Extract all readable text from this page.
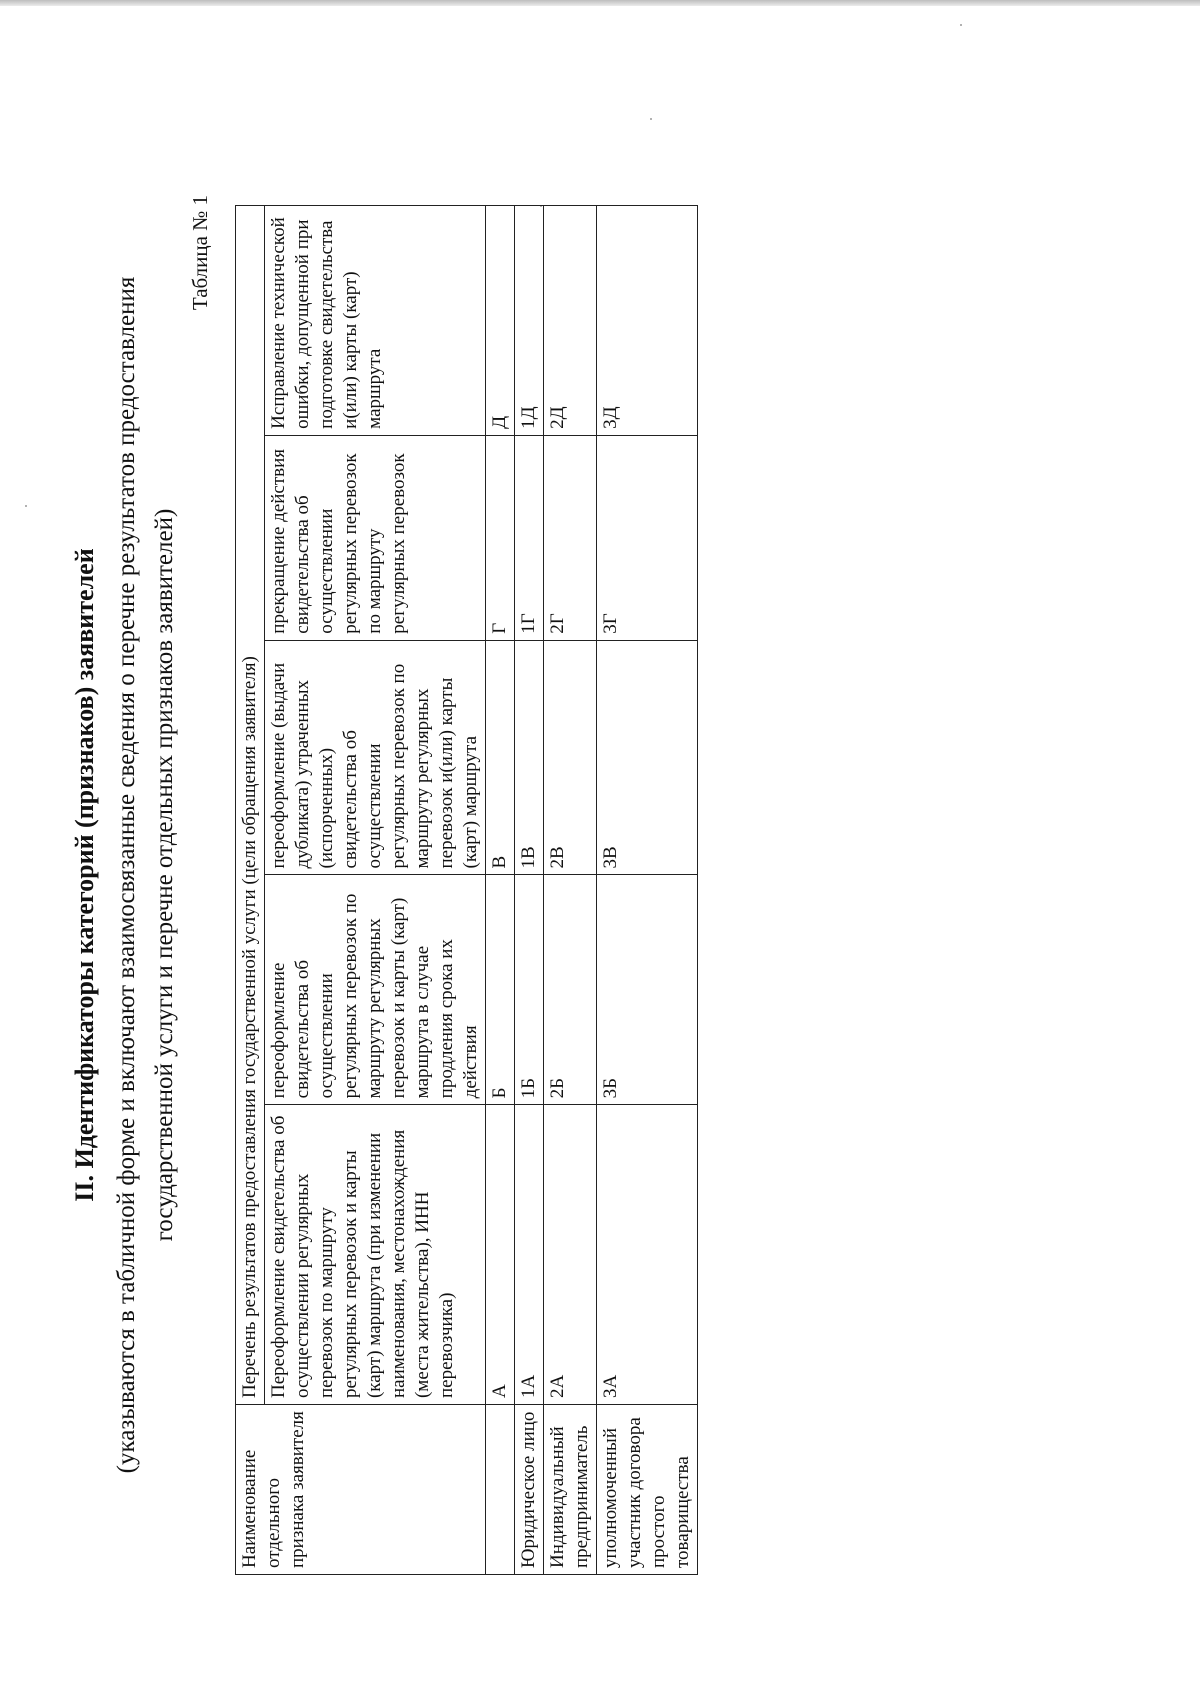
II. Идентификаторы категорий (признаков) заявителей (указываются в табличной форме и включают взаимосвязанные сведения о перечне результатов предоставления государственной услуги и перечне отдельных признаков заявителей)
Таблица № 1
Наименование отдельного признака заявителя	Перечень результатов предоставления государственной услуги (цели обращения заявителя)				
	Переоформление свидетельства об осуществлении регулярных перевозок по маршруту регулярных перевозок и карты (карт) маршрута (при изменении наименования, местонахождения (места жительства), ИНН перевозчика)	переоформление свидетельства об осуществлении регулярных перевозок по маршруту регулярных перевозок и карты (карт) маршрута в случае продления срока их действия	переоформление (выдачи дубликата) утраченных (испорченных) свидетельства об осуществлении регулярных перевозок по маршруту регулярных перевозок и(или) карты (карт) маршрута	прекращение действия свидетельства об осуществлении регулярных перевозок по маршруту регулярных перевозок	Исправление технической ошибки, допущенной при подготовке свидетельства и(или) карты (карт) маршрута
	А	Б	В	Г	Д
Юридическое лицо	1А	1Б	1В	1Г	1Д
Индивидуальный предприниматель	2А	2Б	2В	2Г	2Д
уполномоченный участник договора простого товарищества	3А	3Б	3В	3Г	3Д
